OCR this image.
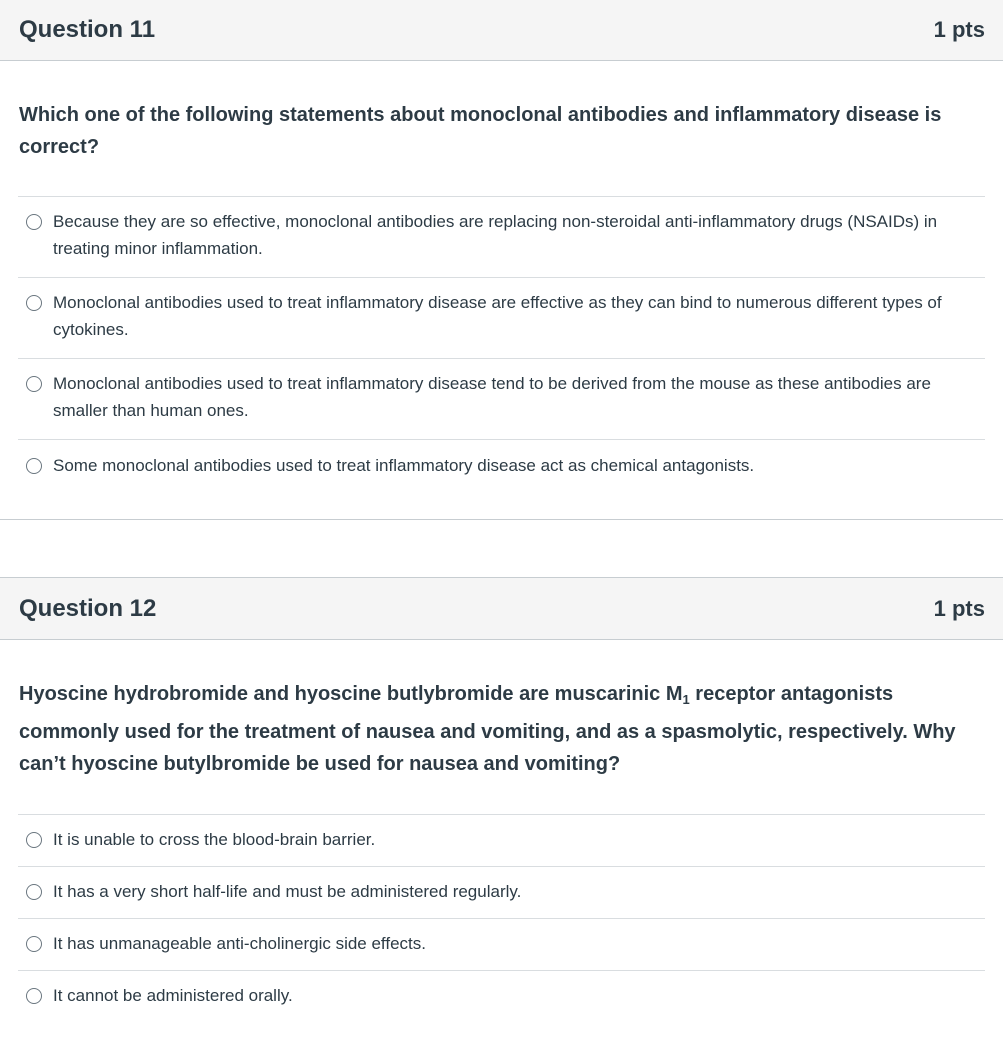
Question 11	1 pts
Which one of the following statements about monoclonal antibodies and inflammatory disease is correct?
Because they are so effective, monoclonal antibodies are replacing non-steroidal anti-inflammatory drugs (NSAIDs) in treating minor inflammation.
Monoclonal antibodies used to treat inflammatory disease are effective as they can bind to numerous different types of cytokines.
Monoclonal antibodies used to treat inflammatory disease tend to be derived from the mouse as these antibodies are smaller than human ones.
Some monoclonal antibodies used to treat inflammatory disease act as chemical antagonists.
Question 12	1 pts
Hyoscine hydrobromide and hyoscine butlybromide are muscarinic $M_1$ receptor antagonists commonly used for the treatment of nausea and vomiting, and as a spasmolytic, respectively. Why can’t hyoscine butylbromide be used for nausea and vomiting?
It is unable to cross the blood-brain barrier.
It has a very short half-life and must be administered regularly.
It has unmanageable anti-cholinergic side effects.
It cannot be administered orally.
